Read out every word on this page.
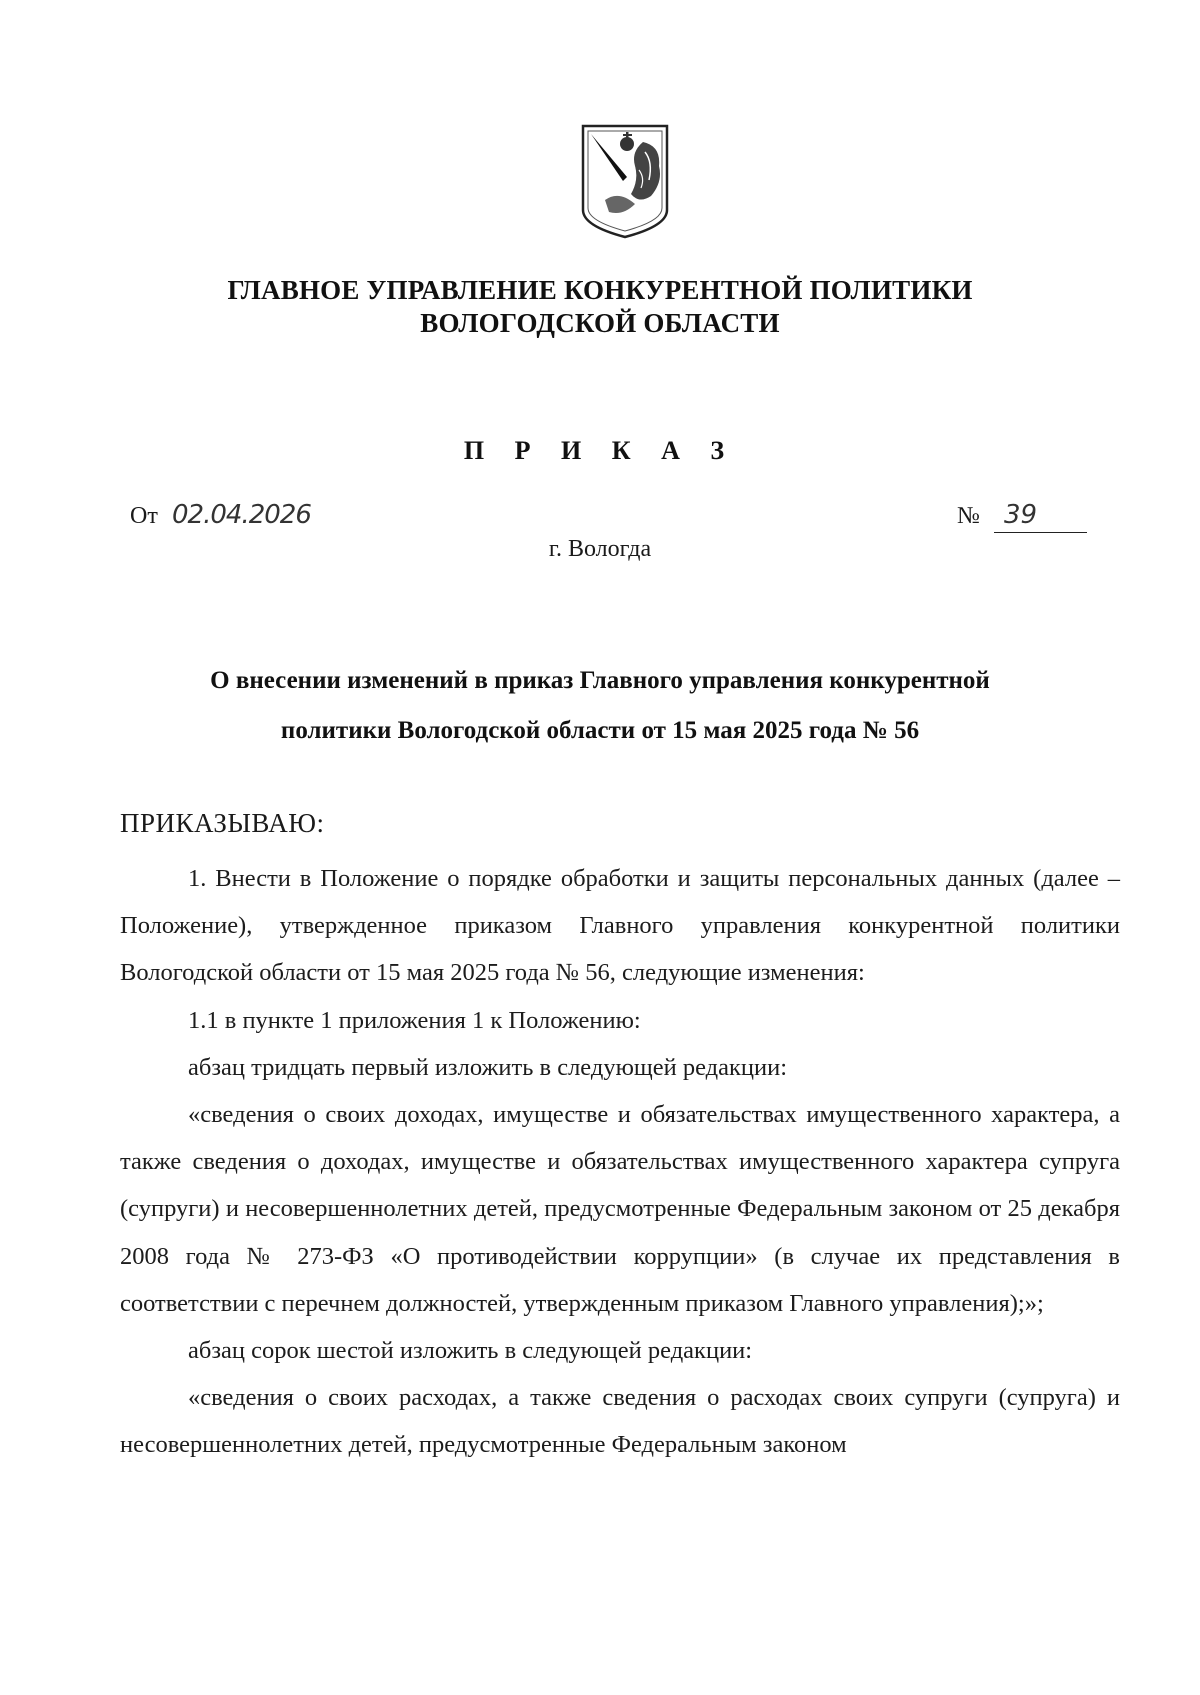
ГЛАВНОЕ УПРАВЛЕНИЕ КОНКУРЕНТНОЙ ПОЛИТИКИ
ВОЛОГОДСКОЙ ОБЛАСТИ
П Р И К А З
От 02.04.2026	№ 39
г. Вологда
О внесении изменений в приказ Главного управления конкурентной
политики Вологодской области от 15 мая 2025 года № 56
ПРИКАЗЫВАЮ:

1. Внести в Положение о порядке обработки и защиты персональных данных (далее – Положение), утвержденное приказом Главного управления конкурентной политики Вологодской области от 15 мая 2025 года № 56, следующие изменения:

1.1 в пункте 1 приложения 1 к Положению:

абзац тридцать первый изложить в следующей редакции:

«сведения о своих доходах, имуществе и обязательствах имущественного характера, а также сведения о доходах, имуществе и обязательствах имущественного характера супруга (супруги) и несовершеннолетних детей, предусмотренные Федеральным законом от 25 декабря 2008 года № 273-ФЗ «О противодействии коррупции» (в случае их представления в соответствии с перечнем должностей, утвержденным приказом Главного управления);»;

абзац сорок шестой изложить в следующей редакции:

«сведения о своих расходах, а также сведения о расходах своих супруги (супруга) и несовершеннолетних детей, предусмотренные Федеральным законом
